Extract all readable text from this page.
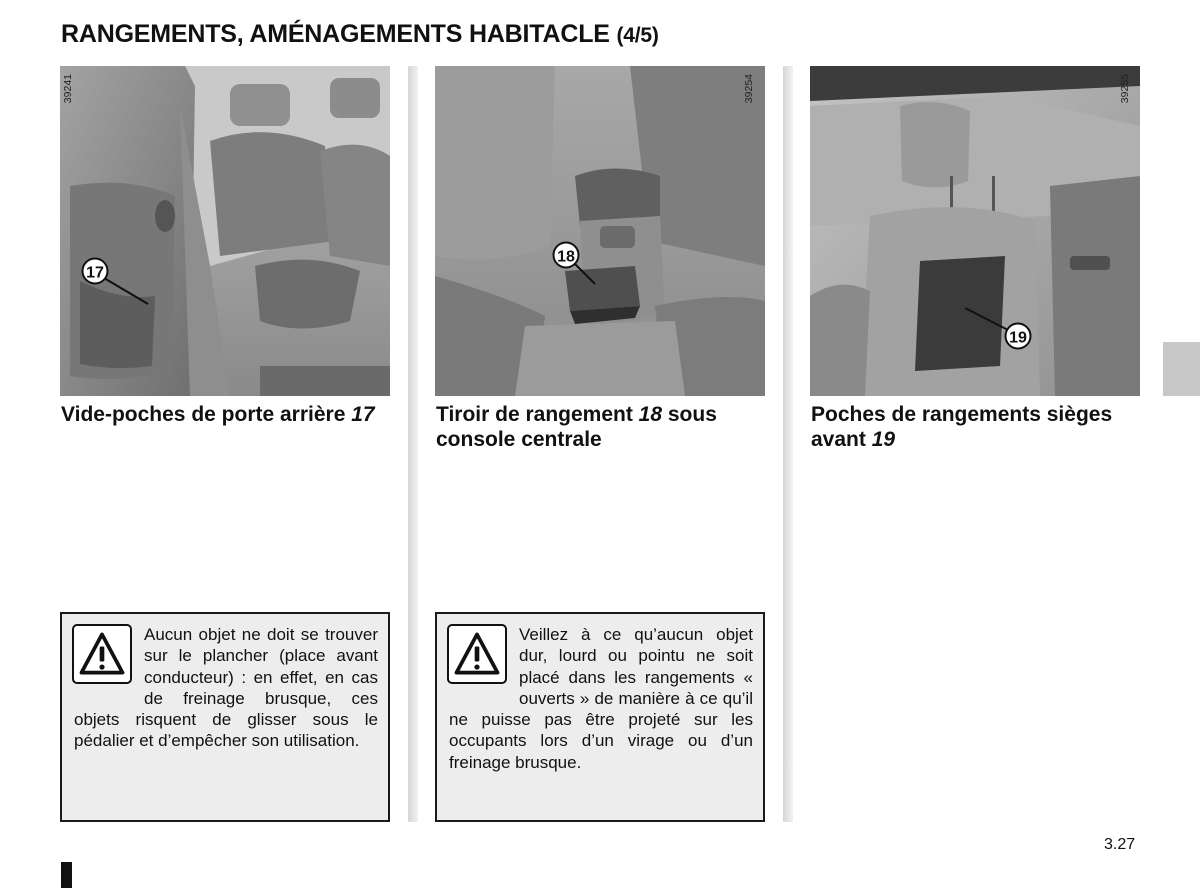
RANGEMENTS, AMÉNAGEMENTS HABITACLE (4/5)
17
39241
Vide-poches de porte arrière 17
Aucun objet ne doit se trouver sur le plancher (place avant conducteur) : en effet, en cas de freinage brusque, ces objets risquent de glisser sous le pédalier et d’empêcher son utilisation.
18
39254
Tiroir de rangement 18 sous console centrale
Veillez à ce qu’aucun objet dur, lourd ou pointu ne soit placé dans les rangements « ouverts » de manière à ce qu’il ne puisse pas être projeté sur les occupants lors d’un virage ou d’un freinage brusque.
19
39255
Poches de rangements sièges avant 19
3.27
